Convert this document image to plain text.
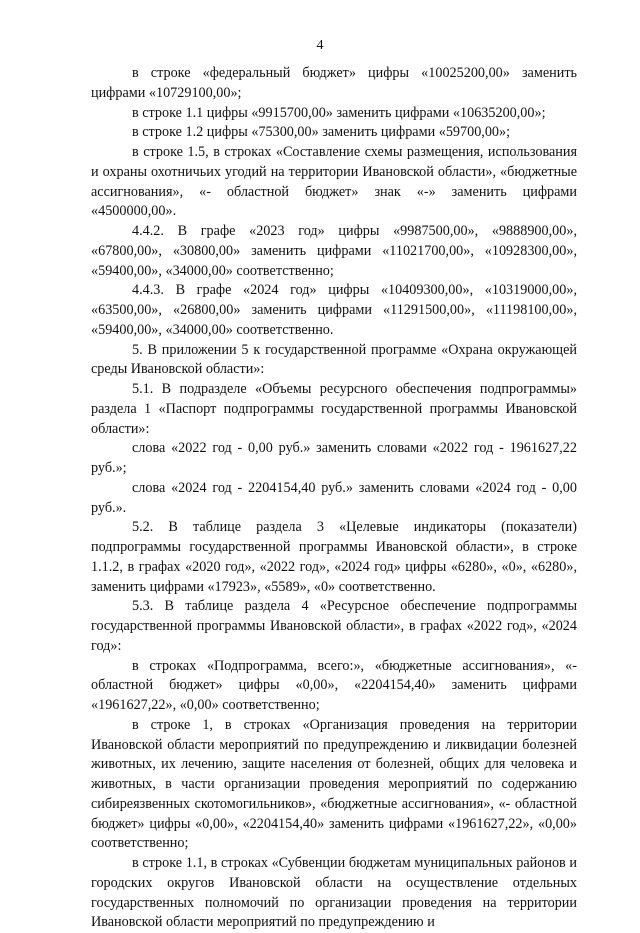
4

в строке «федеральный бюджет» цифры «10025200,00» заменить цифрами «10729100,00»;

в строке 1.1 цифры «9915700,00» заменить цифрами «10635200,00»;

в строке 1.2 цифры «75300,00» заменить цифрами «59700,00»;

в строке 1.5, в строках «Составление схемы размещения, использования и охраны охотничьих угодий на территории Ивановской области», «бюджетные ассигнования», «- областной бюджет» знак «-» заменить цифрами «4500000,00».

4.4.2. В графе «2023 год» цифры «9987500,00», «9888900,00», «67800,00», «30800,00» заменить цифрами «11021700,00», «10928300,00», «59400,00», «34000,00» соответственно;

4.4.3. В графе «2024 год» цифры «10409300,00», «10319000,00», «63500,00», «26800,00» заменить цифрами «11291500,00», «11198100,00», «59400,00», «34000,00» соответственно.

5. В приложении 5 к государственной программе «Охрана окружающей среды Ивановской области»:

5.1. В подразделе «Объемы ресурсного обеспечения подпрограммы» раздела 1 «Паспорт подпрограммы государственной программы Ивановской области»:

слова «2022 год - 0,00 руб.» заменить словами «2022 год - 1961627,22 руб.»;

слова «2024 год - 2204154,40 руб.» заменить словами «2024 год - 0,00 руб.».

5.2. В таблице раздела 3 «Целевые индикаторы (показатели) подпрограммы государственной программы Ивановской области», в строке 1.1.2, в графах «2020 год», «2022 год», «2024 год» цифры «6280», «0», «6280», заменить цифрами «17923», «5589», «0» соответственно.

5.3. В таблице раздела 4 «Ресурсное обеспечение подпрограммы государственной программы Ивановской области», в графах «2022 год», «2024 год»:

в строках «Подпрограмма, всего:», «бюджетные ассигнования», «- областной бюджет» цифры «0,00», «2204154,40» заменить цифрами «1961627,22», «0,00» соответственно;

в строке 1, в строках «Организация проведения на территории Ивановской области мероприятий по предупреждению и ликвидации болезней животных, их лечению, защите населения от болезней, общих для человека и животных, в части организации проведения мероприятий по содержанию сибиреязвенных скотомогильников», «бюджетные ассигнования», «- областной бюджет» цифры «0,00», «2204154,40» заменить цифрами «1961627,22», «0,00» соответственно;

в строке 1.1, в строках «Субвенции бюджетам муниципальных районов и городских округов Ивановской области на осуществление отдельных государственных полномочий по организации проведения на территории Ивановской области мероприятий по предупреждению и
